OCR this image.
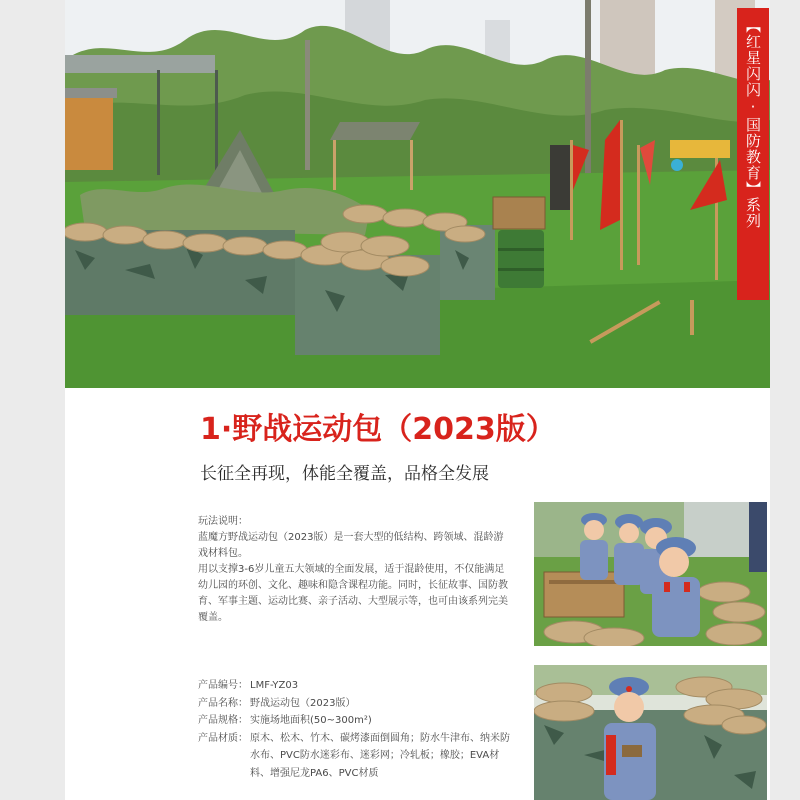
1·野战运动包（2023版）
长征全再现，体能全覆盖，品格全发展

玩法说明：

蓝魔方野战运动包（2023版）是一套大型的低结构、跨领域、混龄游戏材料包。

用以支撑3-6岁儿童五大领域的全面发展，适于混龄使用，不仅能满足幼儿园的环创、文化、趣味和隐含课程功能。同时，长征故事、国防教育、军事主题、运动比赛、亲子活动、大型展示等，也可由该系列完美覆盖。

产品编号： LMF-YZ03
产品名称： 野战运动包（2023版）
产品规格： 实施场地面积(50~300m²)
产品材质： 原木、松木、竹木、碳烤漆面倒圆角；防水牛津布、纳米防水布、PVC防水迷彩布、迷彩网；冷轧板；橡胶；EVA材料、增强尼龙PA6、PVC材质
【红星闪闪·国防教育】系列
